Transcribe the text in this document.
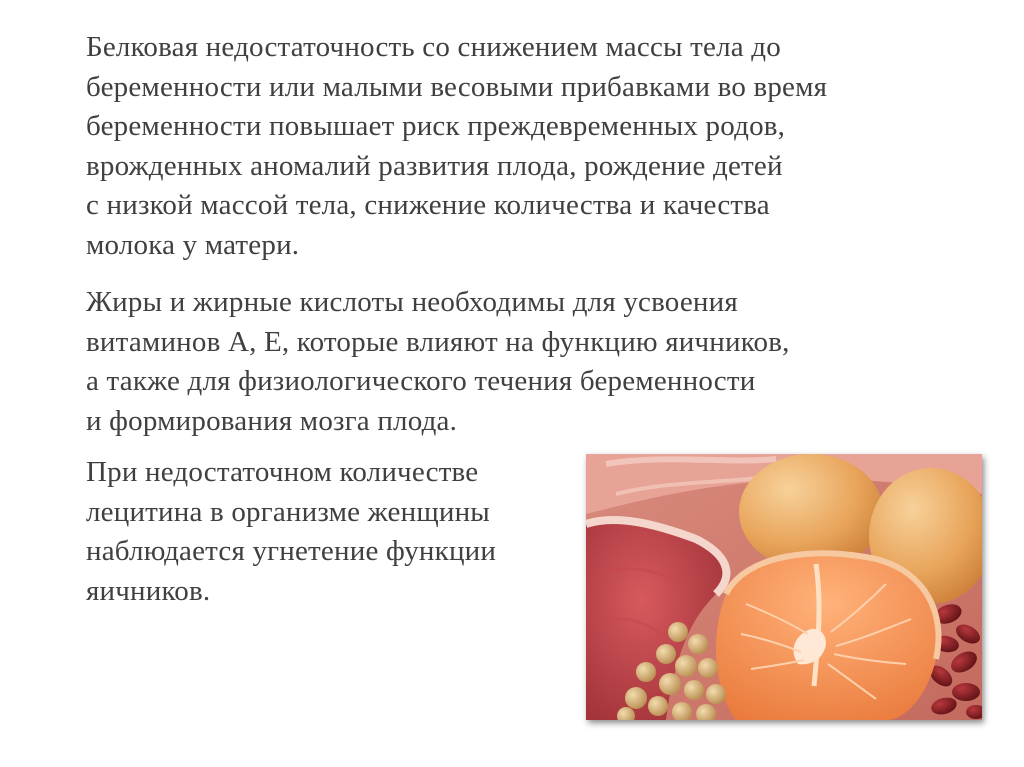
Белковая недостаточность со снижением массы тела до
беременности или малыми весовыми прибавками во время
беременности повышает риск преждевременных родов,
врожденных аномалий развития плода, рождение детей
с низкой массой тела, снижение количества и качества
молока у матери.

Жиры и жирные кислоты необходимы для усвоения
витаминов А, Е, которые влияют на функцию яичников,
а также для физиологического течения беременности
и формирования мозга плода.

При недостаточном количестве
лецитина в организме женщины
наблюдается угнетение функции
яичников.
